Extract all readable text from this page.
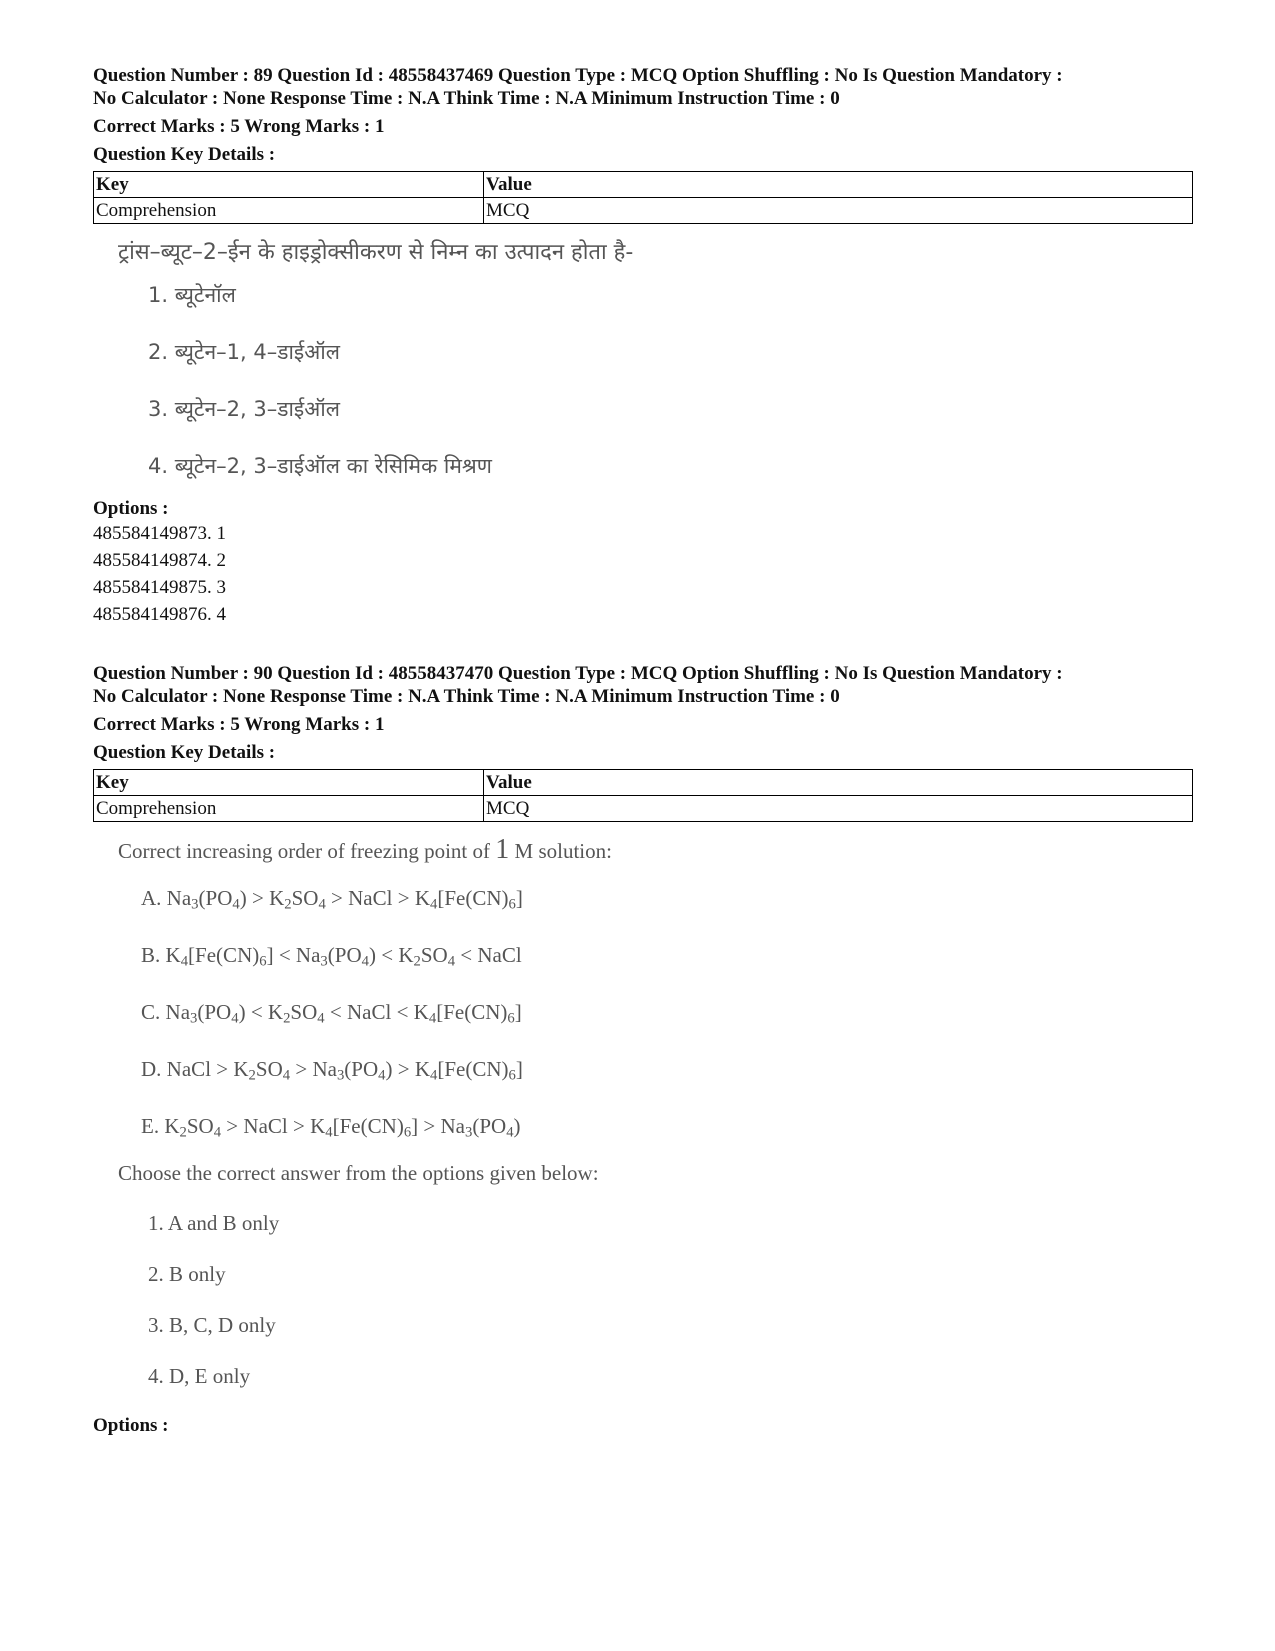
Question Number : 89 Question Id : 48558437469 Question Type : MCQ Option Shuffling : No Is Question Mandatory :

No Calculator : None Response Time : N.A Think Time : N.A Minimum Instruction Time : 0

Correct Marks : 5 Wrong Marks : 1
Question Key Details :
Key	Value
Comprehension	MCQ
ट्रांस–ब्यूट–2–ईन के हाइड्रोक्सीकरण से निम्न का उत्पादन होता है-
1. ब्यूटेनॉल
2. ब्यूटेन–1, 4–डाईऑल
3. ब्यूटेन–2, 3–डाईऑल
4. ब्यूटेन–2, 3–डाईऑल का रेसिमिक मिश्रण
Options :
485584149873. 1
485584149874. 2
485584149875. 3
485584149876. 4

Question Number : 90 Question Id : 48558437470 Question Type : MCQ Option Shuffling : No Is Question Mandatory :

No Calculator : None Response Time : N.A Think Time : N.A Minimum Instruction Time : 0

Correct Marks : 5 Wrong Marks : 1
Question Key Details :
Key	Value
Comprehension	MCQ
Correct increasing order of freezing point of 1 M solution:
A. $Na_3(PO_4) > K_2SO_4$ > NaCl > $K_4[Fe(CN)_6]$
B. $K_4[Fe(CN)_6] < Na_3(PO_4) < K_2SO_4$ < NaCl
C. $Na_3(PO_4) < K_2SO_4$ < NaCl < $K_4[Fe(CN)_6]$
D. NaCl > $K_2SO_4 > Na_3(PO_4) > K_4[Fe(CN)_6]$
E. $K_2SO_4$ > NaCl > $K_4[Fe(CN)_6] > Na_3(PO_4)$
Choose the correct answer from the options given below:
1. A and B only
2. B only
3. B, C, D only
4. D, E only
Options :
